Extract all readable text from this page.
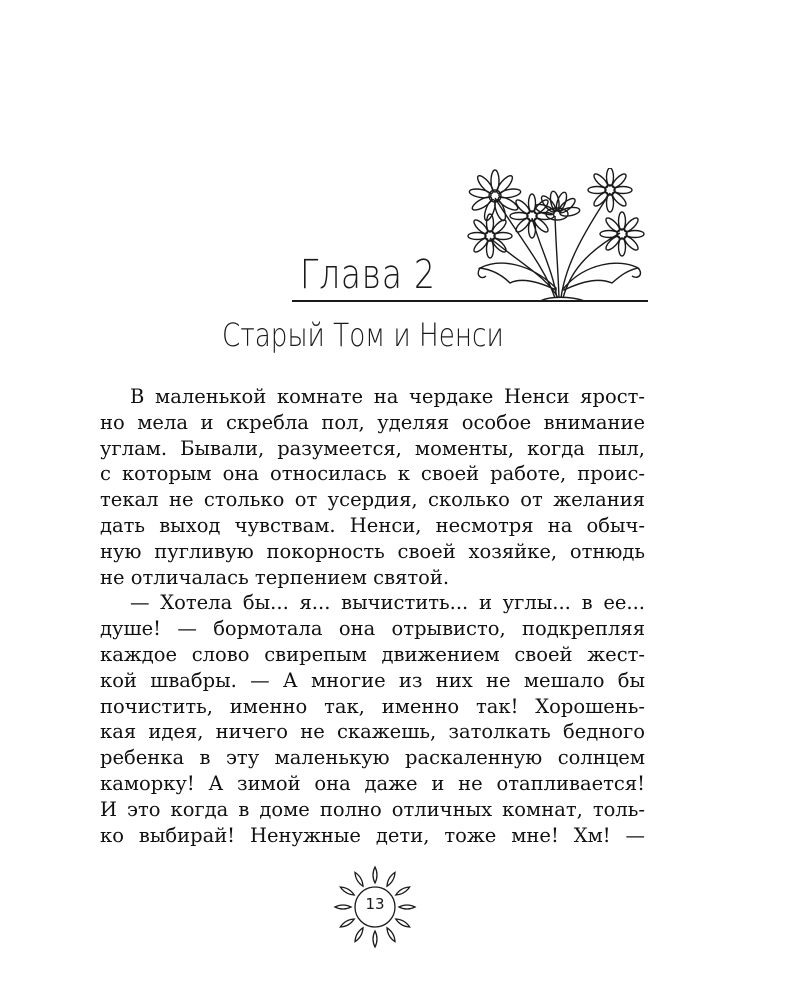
Глава 2
Старый Том и Ненси
В маленькой комнате на чердаке Ненси ярост-
но мела и скребла пол, уделяя особое внимание
углам. Бывали, разумеется, моменты, когда пыл,
с которым она относилась к своей работе, проис-
текал не столько от усердия, сколько от желания
дать выход чувствам. Ненси, несмотря на обыч-
ную пугливую покорность своей хозяйке, отнюдь
не отличалась терпением святой.
— Хотела бы... я... вычистить... и углы... в ее...
душе! — бормотала она отрывисто, подкрепляя
каждое слово свирепым движением своей жест-
кой швабры. — А многие из них не мешало бы
почистить, именно так, именно так! Хорошень-
кая идея, ничего не скажешь, затолкать бедного
ребенка в эту маленькую раскаленную солнцем
каморку! А зимой она даже и не отапливается!
И это когда в доме полно отличных комнат, толь-
ко выбирай! Ненужные дети, тоже мне! Хм! —
13
